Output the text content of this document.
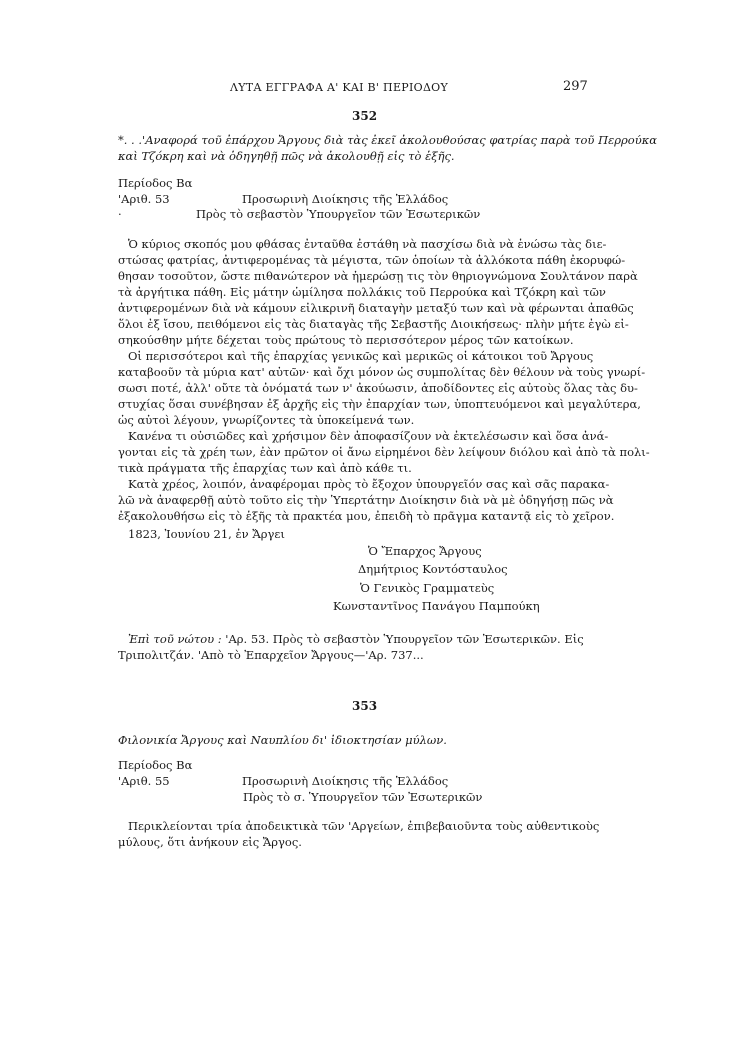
ΛΥΤΑ ΕΓΓΡΑΦΑ Α' ΚΑΙ Β' ΠΕΡΙΟΔΟΥ	297
352
*. . .'Αναφορά τοῦ ἐπάρχου Ἄργους διὰ τὰς ἐκεῖ ἀκολουθούσας φατρίας παρὰ τοῦ Περρούκα
καὶ Τζόκρη καὶ νὰ ὁδηγηθῇ πῶς νὰ ἀκολουθῇ εἰς τὸ ἑξῆς.
Περίοδος Βα
'Αριθ. 53	Προσωρινὴ Διοίκησις τῆς Ἑλλάδος
·	Πρὸς τὸ σεβαστὸν Ὑπουργεῖον τῶν Ἐσωτερικῶν
Ὁ κύριος σκοπός μου φθάσας ἐνταῦθα ἐστάθη νὰ πασχίσω διὰ νὰ ἑνώσω τὰς διε-
στώσας φατρίας, ἀντιφερομένας τὰ μέγιστα, τῶν ὁποίων τὰ ἀλλόκοτα πάθη ἐκορυφώ-
θησαν τοσοῦτον, ὥστε πιθανώτερον νὰ ἡμερώσῃ τις τὸν θηριογνώμονα Σουλτάνον παρὰ
τὰ ἀργήτικα πάθη. Εἰς μάτην ὡμίλησα πολλάκις τοῦ Περρούκα καὶ Τζόκρη καὶ τῶν
ἀντιφερομένων διὰ νὰ κάμουν εἰλικρινῆ διαταγὴν μεταξύ των καὶ νὰ φέρωνται ἀπαθῶς
ὅλοι ἐξ ἴσου, πειθόμενοι εἰς τὰς διαταγὰς τῆς Σεβαστῆς Διοικήσεως· πλὴν μήτε ἐγὼ εἰ-
σηκούσθην μήτε δέχεται τοὺς πρώτους τὸ περισσότερον μέρος τῶν κατοίκων.
Οἱ περισσότεροι καὶ τῆς ἐπαρχίας γενικῶς καὶ μερικῶς οἱ κάτοικοι τοῦ Ἄργους
καταβοοῦν τὰ μύρια κατ' αὐτῶν· καὶ ὄχι μόνον ὡς συμπολίτας δὲν θέλουν νὰ τοὺς γνωρί-
σωσι ποτέ, ἀλλ' οὔτε τὰ ὀνόματά των ν' ἀκούωσιν, ἀποδίδοντες εἰς αὐτοὺς ὅλας τὰς δυ-
στυχίας ὅσαι συνέβησαν ἐξ ἀρχῆς εἰς τὴν ἐπαρχίαν των, ὑποπτευόμενοι καὶ μεγαλύτερα,
ὡς αὐτοὶ λέγουν, γνωρίζοντες τὰ ὑποκείμενά των.
Κανένα τι οὐσιῶδες καὶ χρήσιμον δὲν ἀποφασίζουν νὰ ἐκτελέσωσιν καὶ ὅσα ἀνά-
γονται εἰς τὰ χρέη των, ἐὰν πρῶτον οἱ ἄνω εἰρημένοι δὲν λείψουν διόλου καὶ ἀπὸ τὰ πολι-
τικὰ πράγματα τῆς ἐπαρχίας των καὶ ἀπὸ κάθε τι.
Κατὰ χρέος, λοιπόν, ἀναφέρομαι πρὸς τὸ ἔξοχον ὑπουργεῖόν σας καὶ σᾶς παρακα-
λῶ νὰ ἀναφερθῇ αὐτὸ τοῦτο εἰς τὴν Ὑπερτάτην Διοίκησιν διὰ νὰ μὲ ὁδηγήσῃ πῶς νὰ
ἐξακολουθήσω εἰς τὸ ἑξῆς τὰ πρακτέα μου, ἐπειδὴ τὸ πρᾶγμα καταντᾷ εἰς τὸ χεῖρον.
1823, Ἰουνίου 21, ἐν Ἄργει
Ὁ Ἔπαρχος Ἄργους
Δημήτριος Κοντόσταυλος
Ὁ Γενικὸς Γραμματεὺς
Κωνσταντῖνος Πανάγου Παμπούκη
Ἐπὶ τοῦ νώτου : 'Αρ. 53. Πρὸς τὸ σεβαστὸν Ὑπουργεῖον τῶν Ἐσωτερικῶν. Εἰς
Τριπολιτζάν. 'Απὸ τὸ Ἐπαρχεῖον Ἄργους—'Αρ. 737...
353
Φιλονικία Ἄργους καὶ Ναυπλίου δι' ἰδιοκτησίαν μύλων.
Περίοδος Βα
'Αριθ. 55	Προσωρινὴ Διοίκησις τῆς Ἑλλάδος
Πρὸς τὸ σ. Ὑπουργεῖον τῶν Ἐσωτερικῶν
Περικλείονται τρία ἀποδεικτικὰ τῶν 'Αργείων, ἐπιβεβαιοῦντα τοὺς αὐθεντικοὺς
μύλους, ὅτι ἀνήκουν εἰς Ἄργος.
